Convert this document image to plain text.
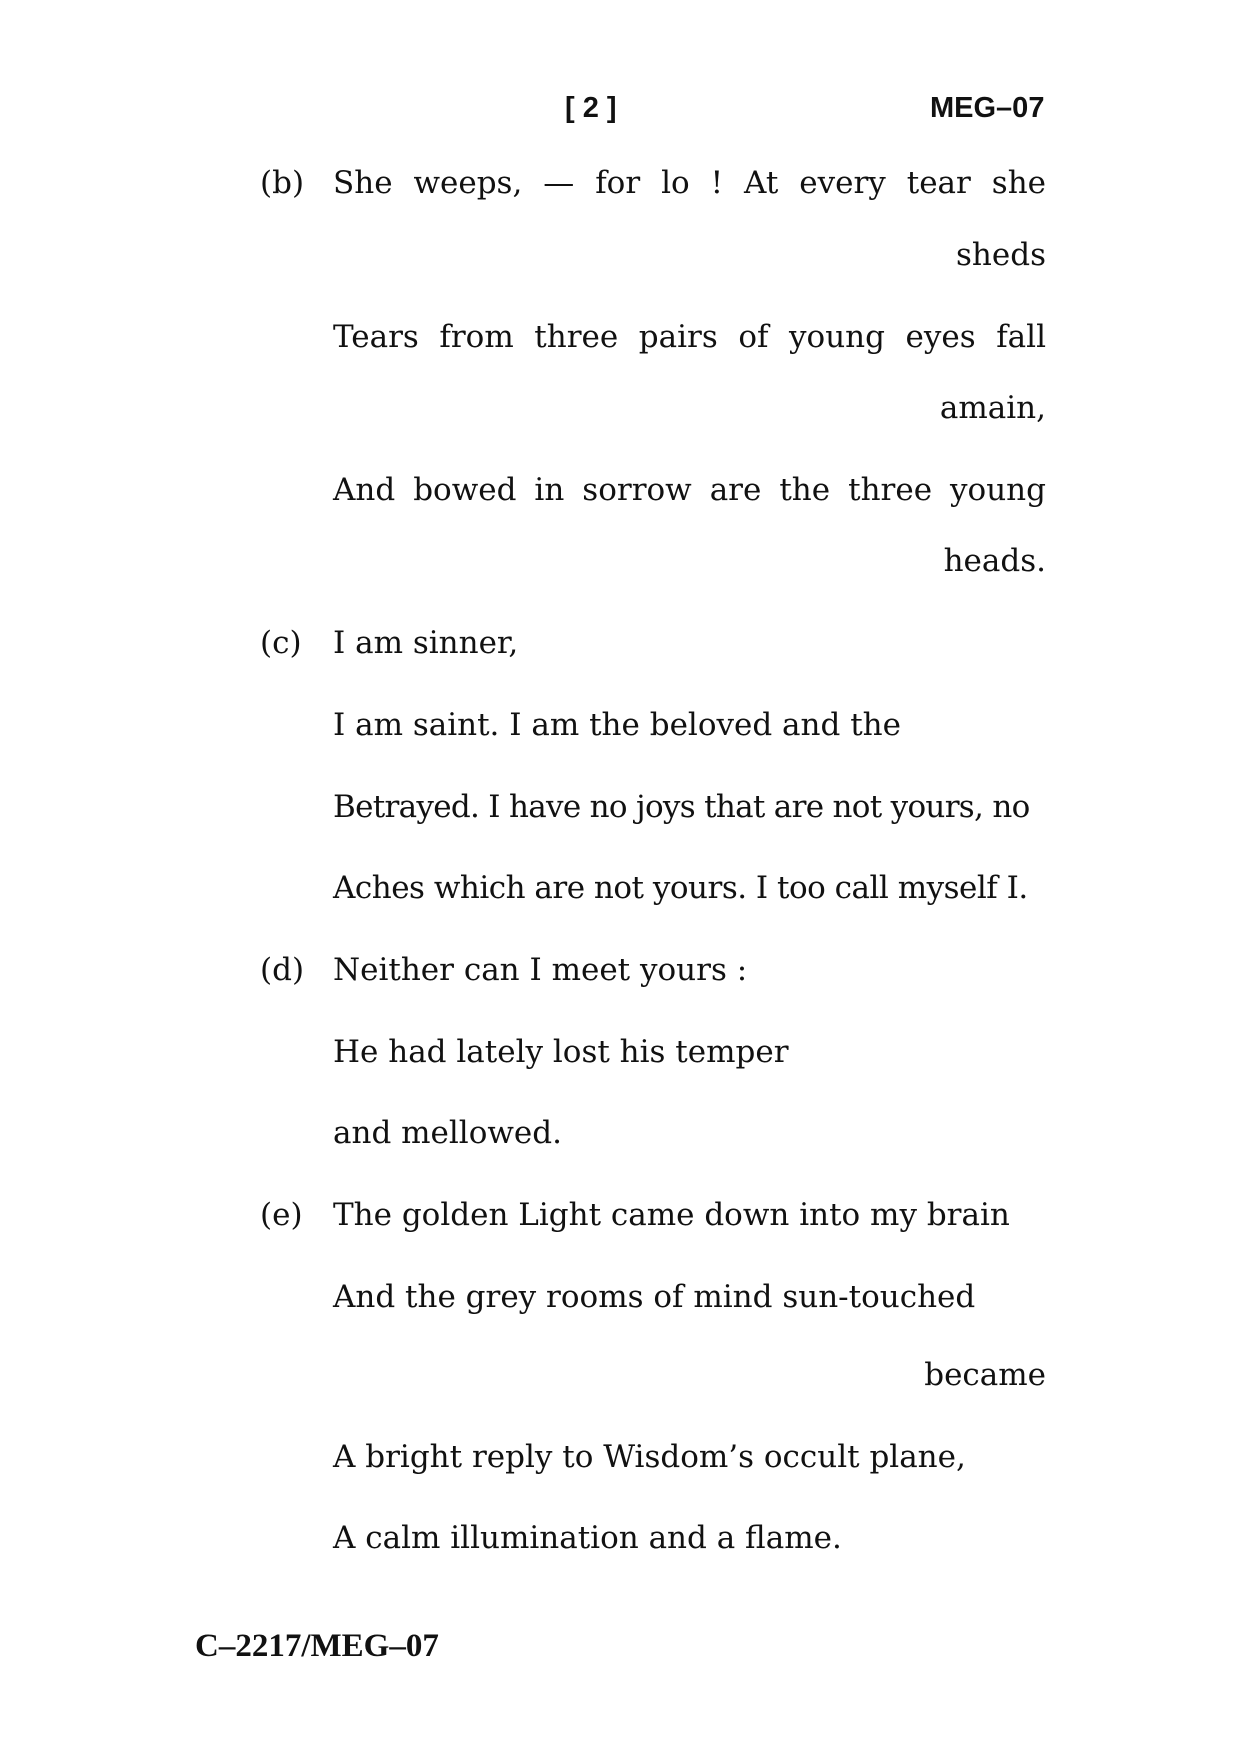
[ 2 ]	MEG–07
(b) She weeps, — for lo ! At every tear she
sheds
Tears from three pairs of young eyes fall
amain,
And bowed in sorrow are the three young
heads.
(c) I am sinner,
I am saint. I am the beloved and the
Betrayed. I have no joys that are not yours, no
Aches which are not yours. I too call myself I.
(d) Neither can I meet yours :
He had lately lost his temper
and mellowed.
(e) The golden Light came down into my brain
And the grey rooms of mind sun-touched
became
A bright reply to Wisdom’s occult plane,
A calm illumination and a flame.
C–2217/MEG–07
